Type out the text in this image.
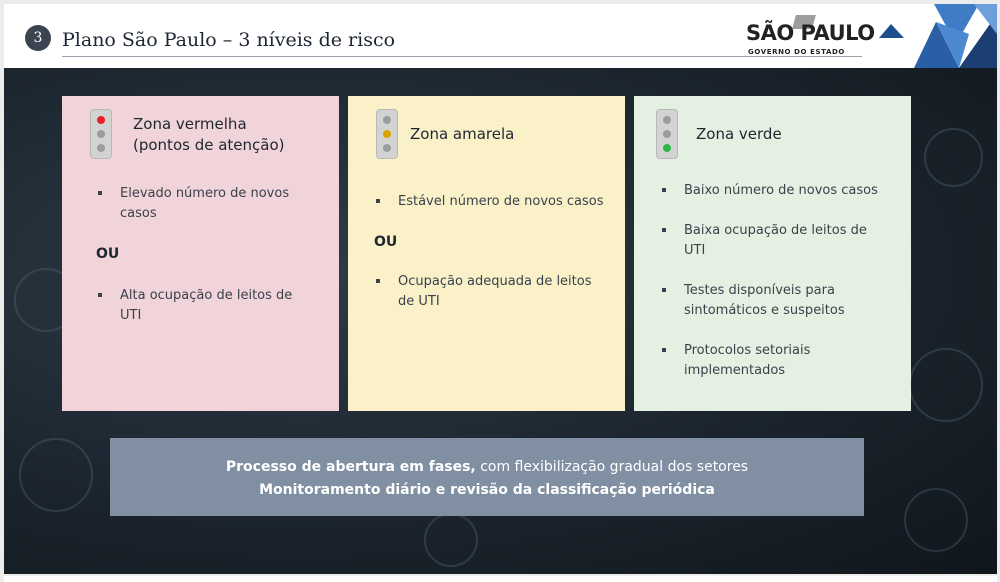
3	Plano São Paulo – 3 níveis de risco	SÃO PAULO
GOVERNO DO ESTADO
Zona vermelha
(pontos de atenção)
Elevado número de novos casos
OU
Alta ocupação de leitos de UTI
Zona amarela
Estável número de novos casos
OU
Ocupação adequada de leitos de UTI
Zona verde
Baixo número de novos casos
Baixa ocupação de leitos de UTI
Testes disponíveis para sintomáticos e suspeitos
Protocolos setoriais implementados
Processo de abertura em fases, com flexibilização gradual dos setores
Monitoramento diário e revisão da classificação periódica
